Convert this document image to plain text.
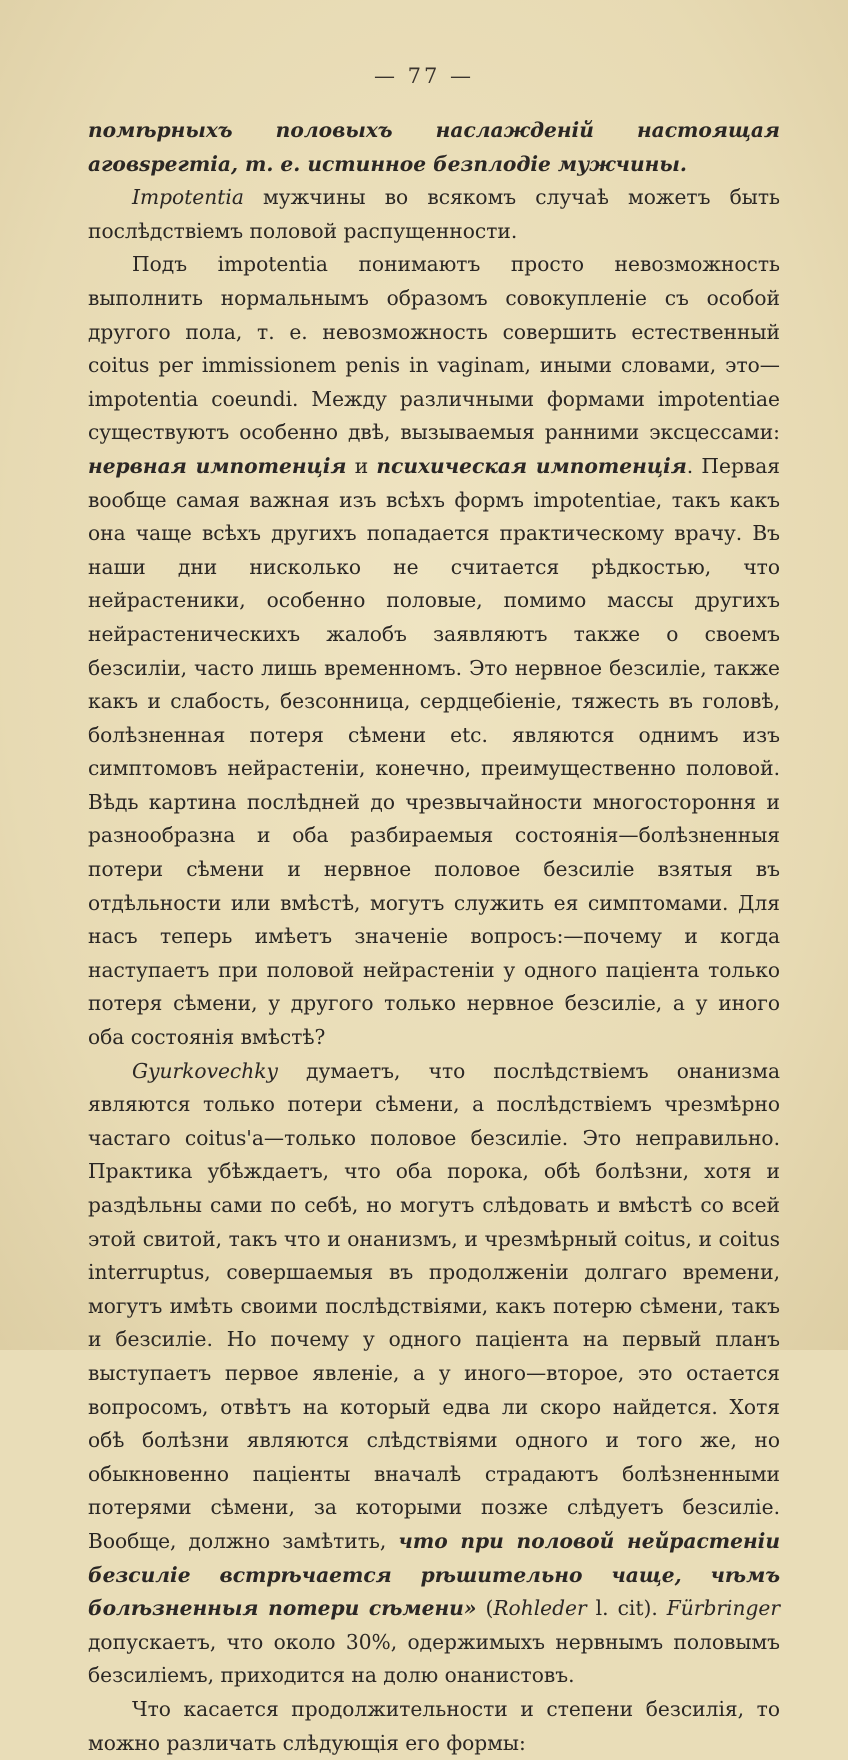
— 77 —

помѣрныхъ половыхъ наслажденій настоящая аговѕрегтіа, т. е. истинное безплодіе мужчины.

Impotentia мужчины во всякомъ случаѣ можетъ быть послѣдствіемъ половой распущенности.

Подъ impotentia понимаютъ просто невозможность выполнить нормальнымъ образомъ совокупленіе съ особой другого пола, т. е. невозможность совершить естественный coitus per immissionem penis in vaginam, иными словами, это—impotentia coeundi. Между различными формами impotentiae существуютъ особенно двѣ, вызываемыя ранними эксцессами: нервная импотенція и психическая импотенція. Первая вообще самая важная изъ всѣхъ формъ impotentiae, такъ какъ она чаще всѣхъ другихъ попадается практическому врачу. Въ наши дни нисколько не считается рѣдкостью, что нейрастеники, особенно половые, помимо массы другихъ нейрастеническихъ жалобъ заявляютъ также о своемъ безсиліи, часто лишь временномъ. Это нервное безсиліе, также какъ и слабость, безсонница, сердцебіеніе, тяжесть въ головѣ, болѣзненная потеря сѣмени etc. являются однимъ изъ симптомовъ нейрастеніи, конечно, преимущественно половой. Вѣдь картина послѣдней до чрезвычайности многостороння и разнообразна и оба разбираемыя состоянія—болѣзненныя потери сѣмени и нервное половое безсиліе взятыя въ отдѣльности или вмѣстѣ, могутъ служить ея симптомами. Для насъ теперь имѣетъ значеніе вопросъ:—почему и когда наступаетъ при половой нейрастеніи у одного паціента только потеря сѣмени, у другого только нервное безсиліе, а у иного оба состоянія вмѣстѣ?

Gyurkovechky думаетъ, что послѣдствіемъ онанизма являются только потери сѣмени, а послѣдствіемъ чрезмѣрно частаго coitus'а—только половое безсиліе. Это неправильно. Практика убѣждаетъ, что оба порока, обѣ болѣзни, хотя и раздѣльны сами по себѣ, но могутъ слѣдовать и вмѣстѣ со всей этой свитой, такъ что и онанизмъ, и чрезмѣрный coitus, и coitus interruptus, совершаемыя въ продолженіи долгаго времени, могутъ имѣть своими послѣдствіями, какъ потерю сѣмени, такъ и безсиліе. Но почему у одного паціента на первый планъ выступаетъ первое явленіе, а у иного—второе, это остается вопросомъ, отвѣтъ на который едва ли скоро найдется. Хотя обѣ болѣзни являются слѣдствіями одного и того же, но обыкновенно паціенты вначалѣ страдаютъ болѣзненными потерями сѣмени, за которыми позже слѣдуетъ безсиліе. Вообще, должно замѣтить, что при половой нейрастеніи безсиліе встрѣчается рѣшительно чаще, чѣмъ болѣзненныя потери сѣмени» (Rohleder l. cit). Fürbringer допускаетъ, что около 30%, одержимыхъ нервнымъ половымъ безсиліемъ, приходится на долю онанистовъ.

Что касается продолжительности и степени безсилія, то можно различать слѣдующія его формы:
